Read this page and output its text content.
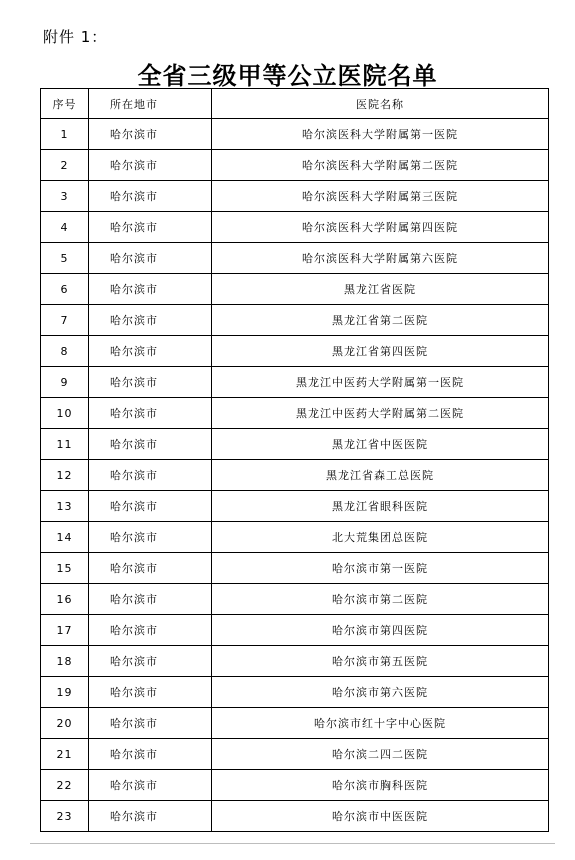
附件 1：
全省三级甲等公立医院名单
序号	所在地市	医院名称
1	哈尔滨市	哈尔滨医科大学附属第一医院
2	哈尔滨市	哈尔滨医科大学附属第二医院
3	哈尔滨市	哈尔滨医科大学附属第三医院
4	哈尔滨市	哈尔滨医科大学附属第四医院
5	哈尔滨市	哈尔滨医科大学附属第六医院
6	哈尔滨市	黑龙江省医院
7	哈尔滨市	黑龙江省第二医院
8	哈尔滨市	黑龙江省第四医院
9	哈尔滨市	黑龙江中医药大学附属第一医院
10	哈尔滨市	黑龙江中医药大学附属第二医院
11	哈尔滨市	黑龙江省中医医院
12	哈尔滨市	黑龙江省森工总医院
13	哈尔滨市	黑龙江省眼科医院
14	哈尔滨市	北大荒集团总医院
15	哈尔滨市	哈尔滨市第一医院
16	哈尔滨市	哈尔滨市第二医院
17	哈尔滨市	哈尔滨市第四医院
18	哈尔滨市	哈尔滨市第五医院
19	哈尔滨市	哈尔滨市第六医院
20	哈尔滨市	哈尔滨市红十字中心医院
21	哈尔滨市	哈尔滨二四二医院
22	哈尔滨市	哈尔滨市胸科医院
23	哈尔滨市	哈尔滨市中医医院
